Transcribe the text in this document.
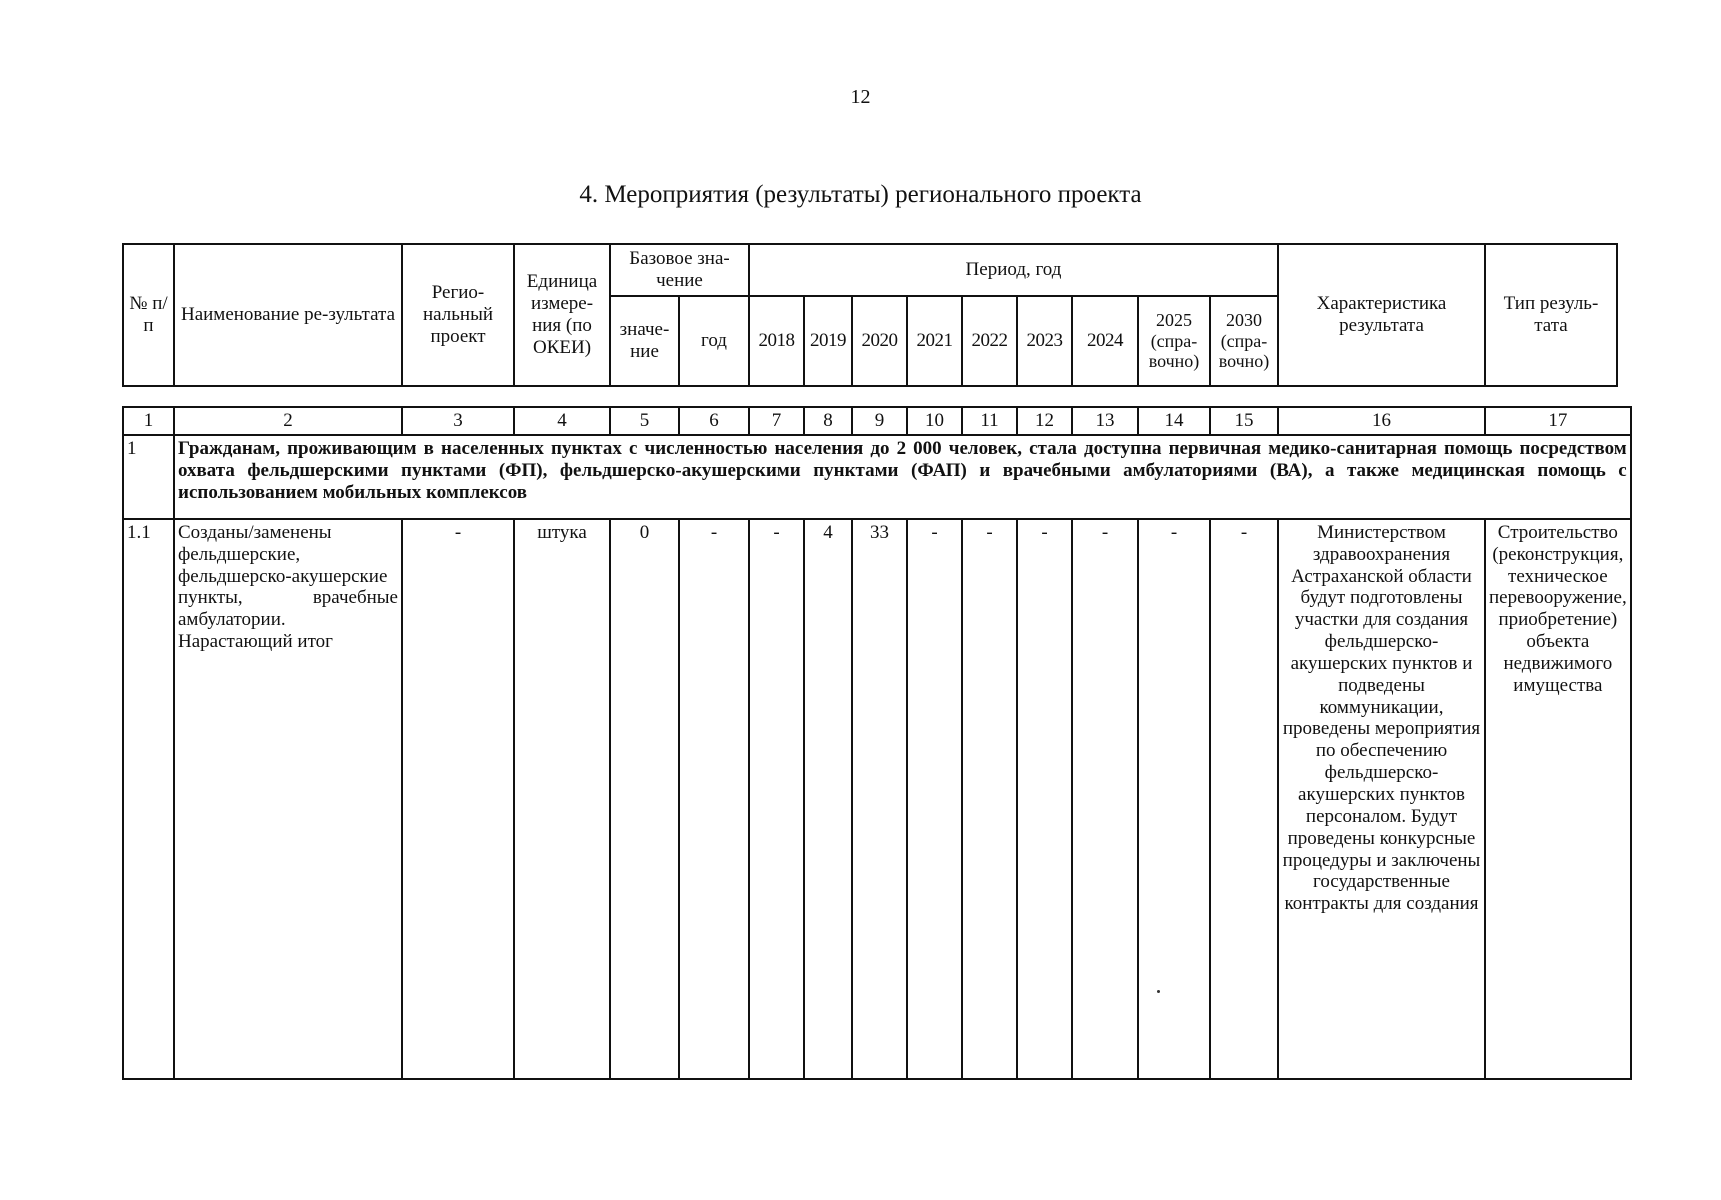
12
4. Мероприятия (результаты) регионального проекта
№ п/п	Наименование ре-зультата	Регио-нальный проект	Единица измере-ния (по ОКЕИ)	Базовое зна-чение		Период, год									Характеристика результата	Тип резуль-тата
				значе-ние	год	2018	2019	2020	2021	2022	2023	2024	2025 (спра-вочно)	2030 (спра-вочно)		
1	2	3	4	5	6	7	8	9	10	11	12	13	14	15	16	17
1	Гражданам, проживающим в населенных пунктах с численностью населения до 2 000 человек, стала доступна первичная медико-санитарная помощь посредством охвата фельдшерскими пунктами (ФП), фельдшерско-акушерскими пунктами (ФАП) и врачебными амбулаториями (ВА), а также медицинская помощь с использованием мобильных комплексов															
1.1	Созданы/заменены фельдшерские, фельдшерско-акушерские пункты, врачебные амбулатории. Нарастающий итог	-	штука	0	-	-	4	33	-	-	-	-	-	-	Министерством здравоохранения Астраханской области будут подготовлены участки для создания фельдшерско-акушерских пунктов и подведены коммуникации, проведены мероприятия по обеспечению фельдшерско-акушерских пунктов персоналом. Будут проведены конкурсные процедуры и заключены государственные контракты для создания	Строительство (реконструкция, техническое перевооружение, приобретение) объекта недвижимого имущества
